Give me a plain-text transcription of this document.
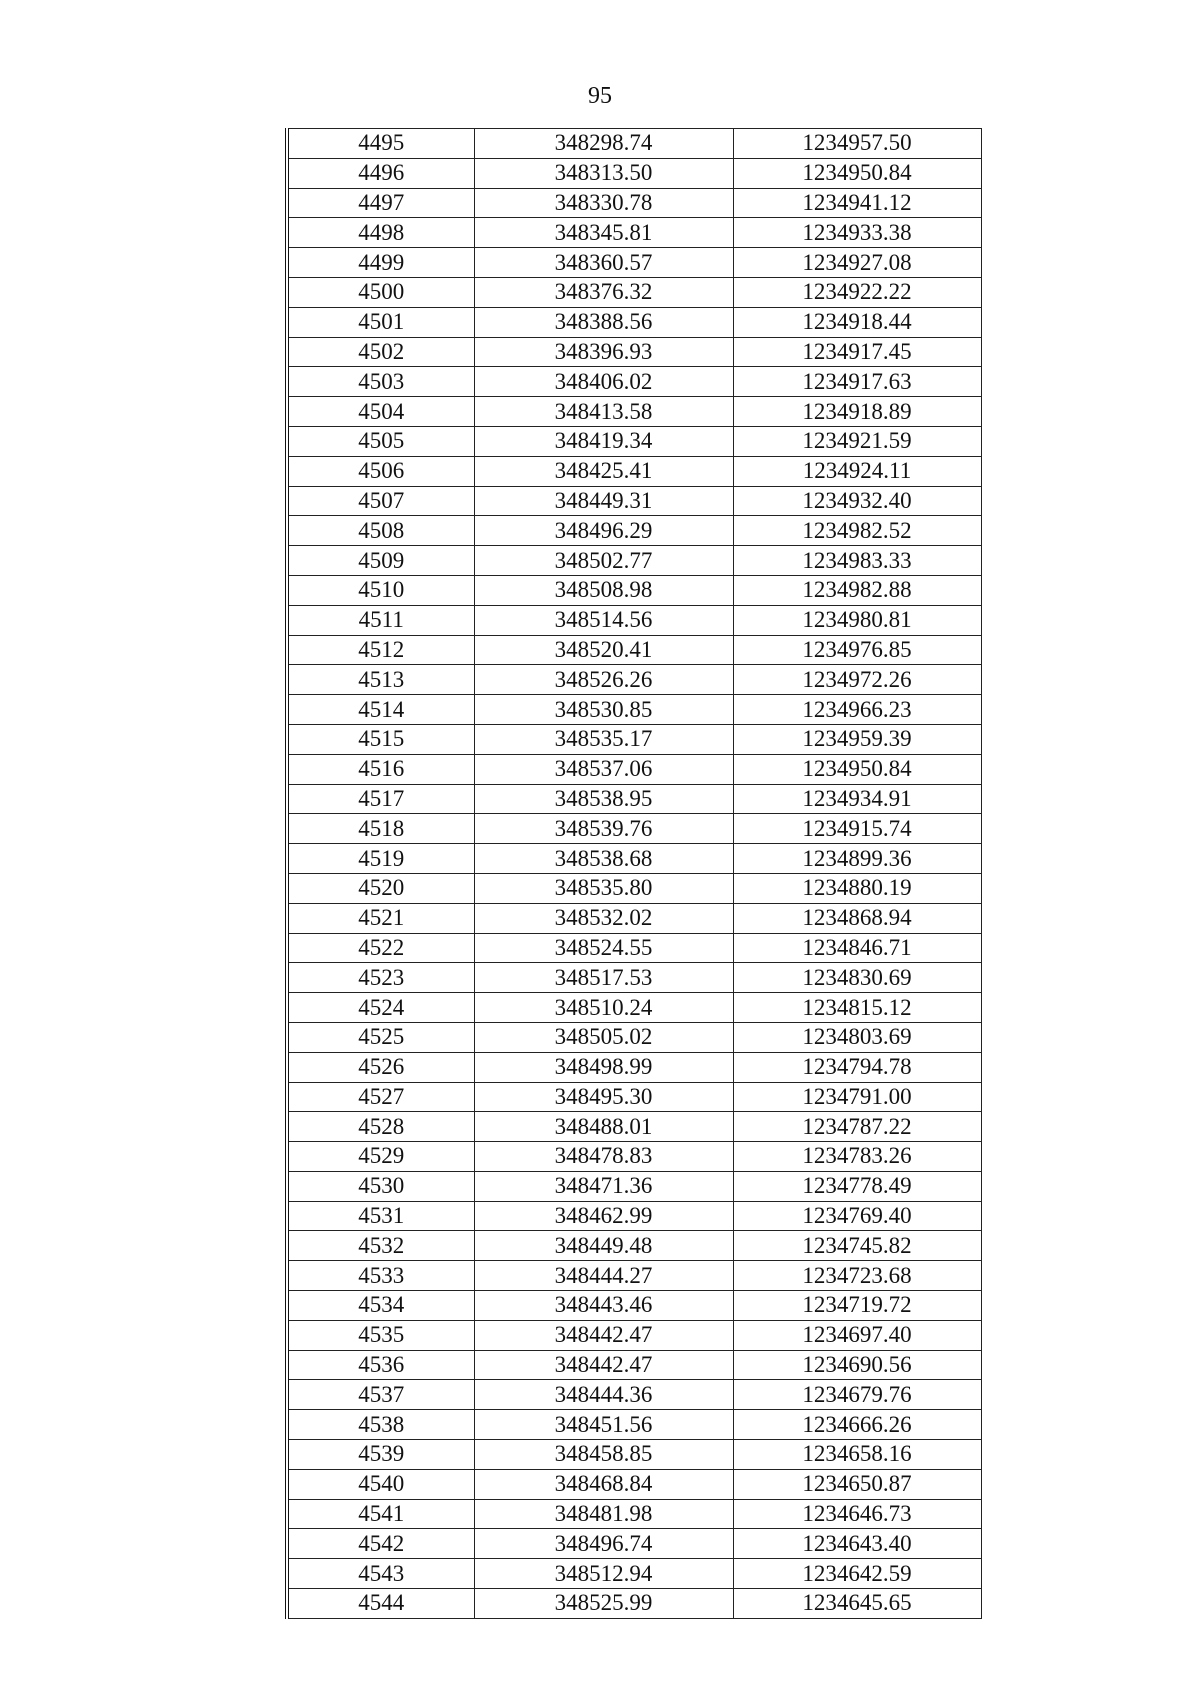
95
4495	348298.74	1234957.50
4496	348313.50	1234950.84
4497	348330.78	1234941.12
4498	348345.81	1234933.38
4499	348360.57	1234927.08
4500	348376.32	1234922.22
4501	348388.56	1234918.44
4502	348396.93	1234917.45
4503	348406.02	1234917.63
4504	348413.58	1234918.89
4505	348419.34	1234921.59
4506	348425.41	1234924.11
4507	348449.31	1234932.40
4508	348496.29	1234982.52
4509	348502.77	1234983.33
4510	348508.98	1234982.88
4511	348514.56	1234980.81
4512	348520.41	1234976.85
4513	348526.26	1234972.26
4514	348530.85	1234966.23
4515	348535.17	1234959.39
4516	348537.06	1234950.84
4517	348538.95	1234934.91
4518	348539.76	1234915.74
4519	348538.68	1234899.36
4520	348535.80	1234880.19
4521	348532.02	1234868.94
4522	348524.55	1234846.71
4523	348517.53	1234830.69
4524	348510.24	1234815.12
4525	348505.02	1234803.69
4526	348498.99	1234794.78
4527	348495.30	1234791.00
4528	348488.01	1234787.22
4529	348478.83	1234783.26
4530	348471.36	1234778.49
4531	348462.99	1234769.40
4532	348449.48	1234745.82
4533	348444.27	1234723.68
4534	348443.46	1234719.72
4535	348442.47	1234697.40
4536	348442.47	1234690.56
4537	348444.36	1234679.76
4538	348451.56	1234666.26
4539	348458.85	1234658.16
4540	348468.84	1234650.87
4541	348481.98	1234646.73
4542	348496.74	1234643.40
4543	348512.94	1234642.59
4544	348525.99	1234645.65
